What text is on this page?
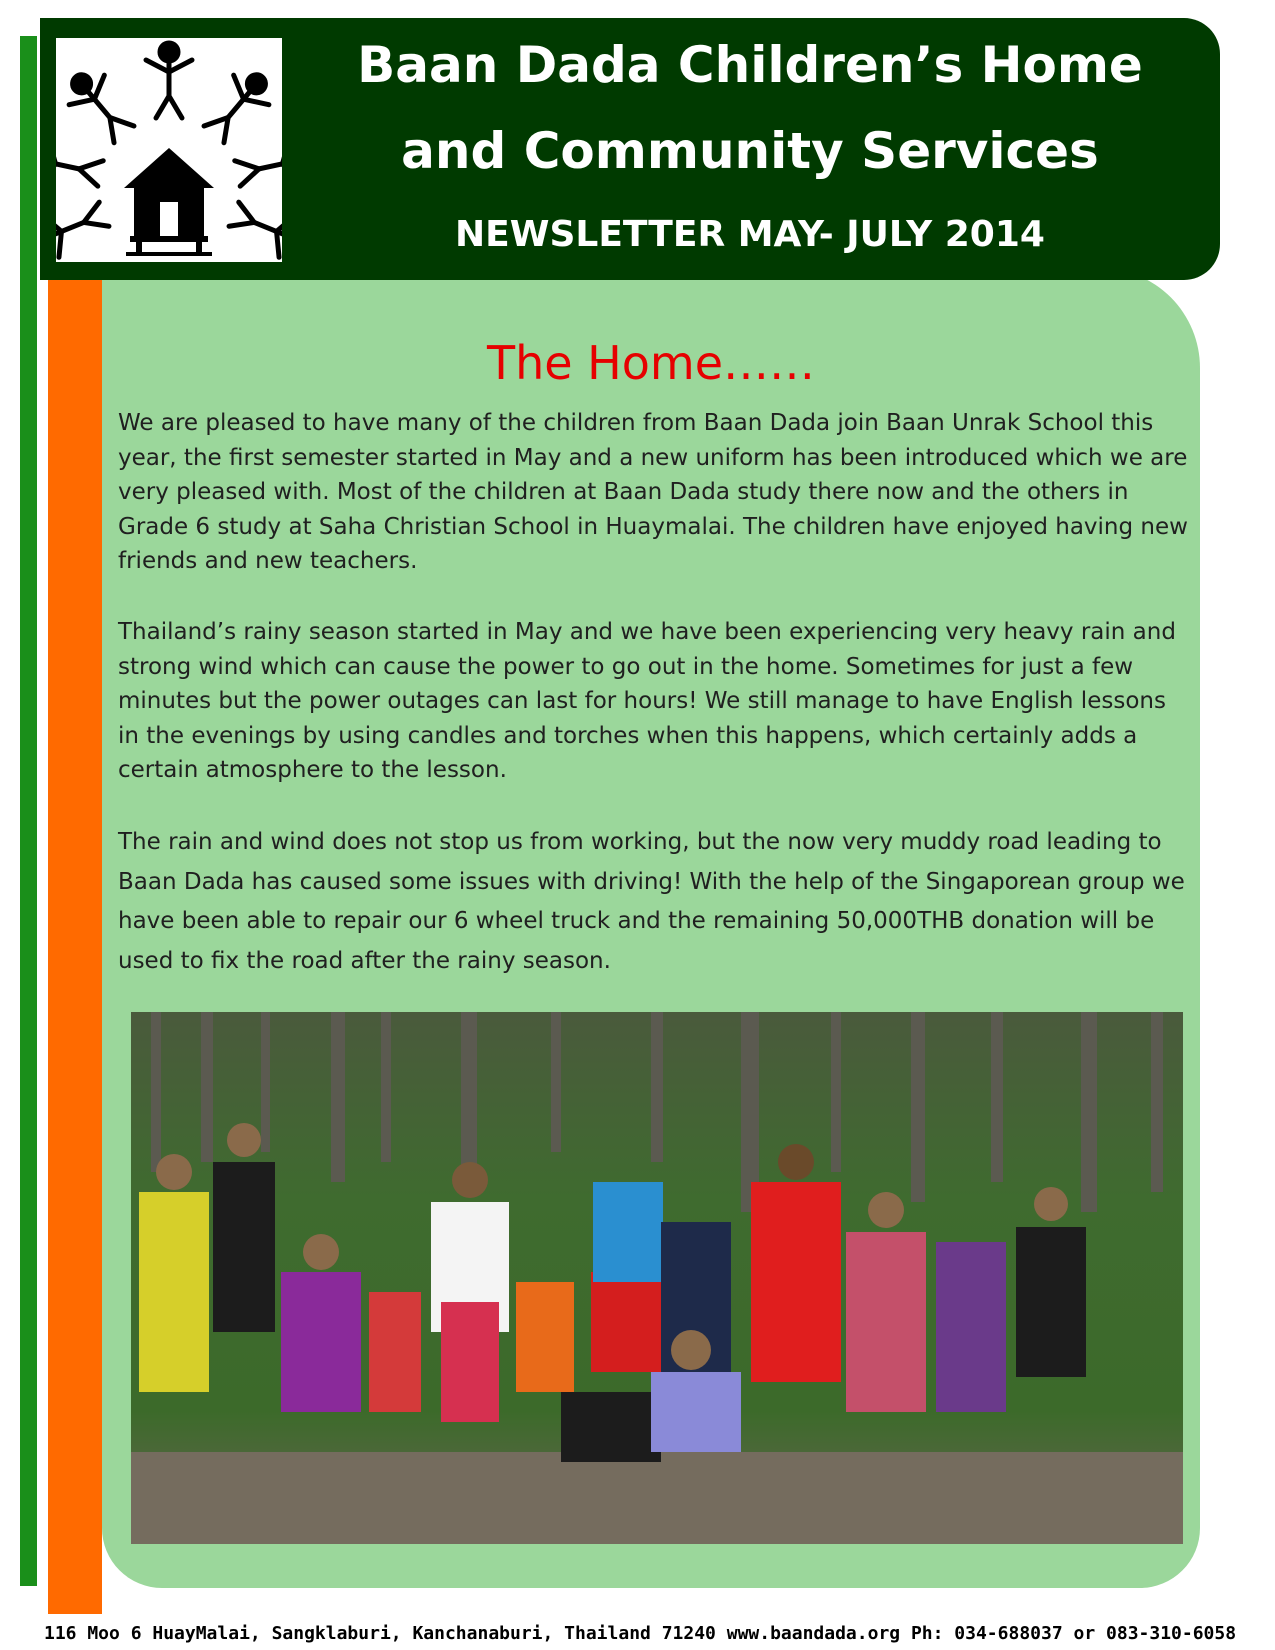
Baan Dada Children’s Home
and Community Services
NEWSLETTER MAY- JULY 2014
The Home……
We are pleased to have many of the children from Baan Dada join Baan Unrak School this year, the first semester started in May and a new uniform has been introduced which we are very pleased with. Most of the children at Baan Dada study there now and the others in Grade 6 study at Saha Christian School in Huaymalai. The children have enjoyed having new friends and new teachers.
Thailand’s rainy season started in May and we have been experiencing very heavy rain and strong wind which can cause the power to go out in the home. Sometimes for just a few minutes but the power outages can last for hours! We still manage to have English lessons in the evenings by using candles and torches when this happens, which certainly adds a certain atmosphere to the lesson.
The rain and wind does not stop us from working, but the now very muddy road leading to Baan Dada has caused some issues with driving! With the help of the Singaporean group we have been able to repair our 6 wheel truck and the remaining 50,000THB donation will be used to fix the road after the rainy season.
116 Moo 6 HuayMalai, Sangklaburi, Kanchanaburi, Thailand 71240 www.baandada.org Ph: 034-688037 or 083-310-6058
